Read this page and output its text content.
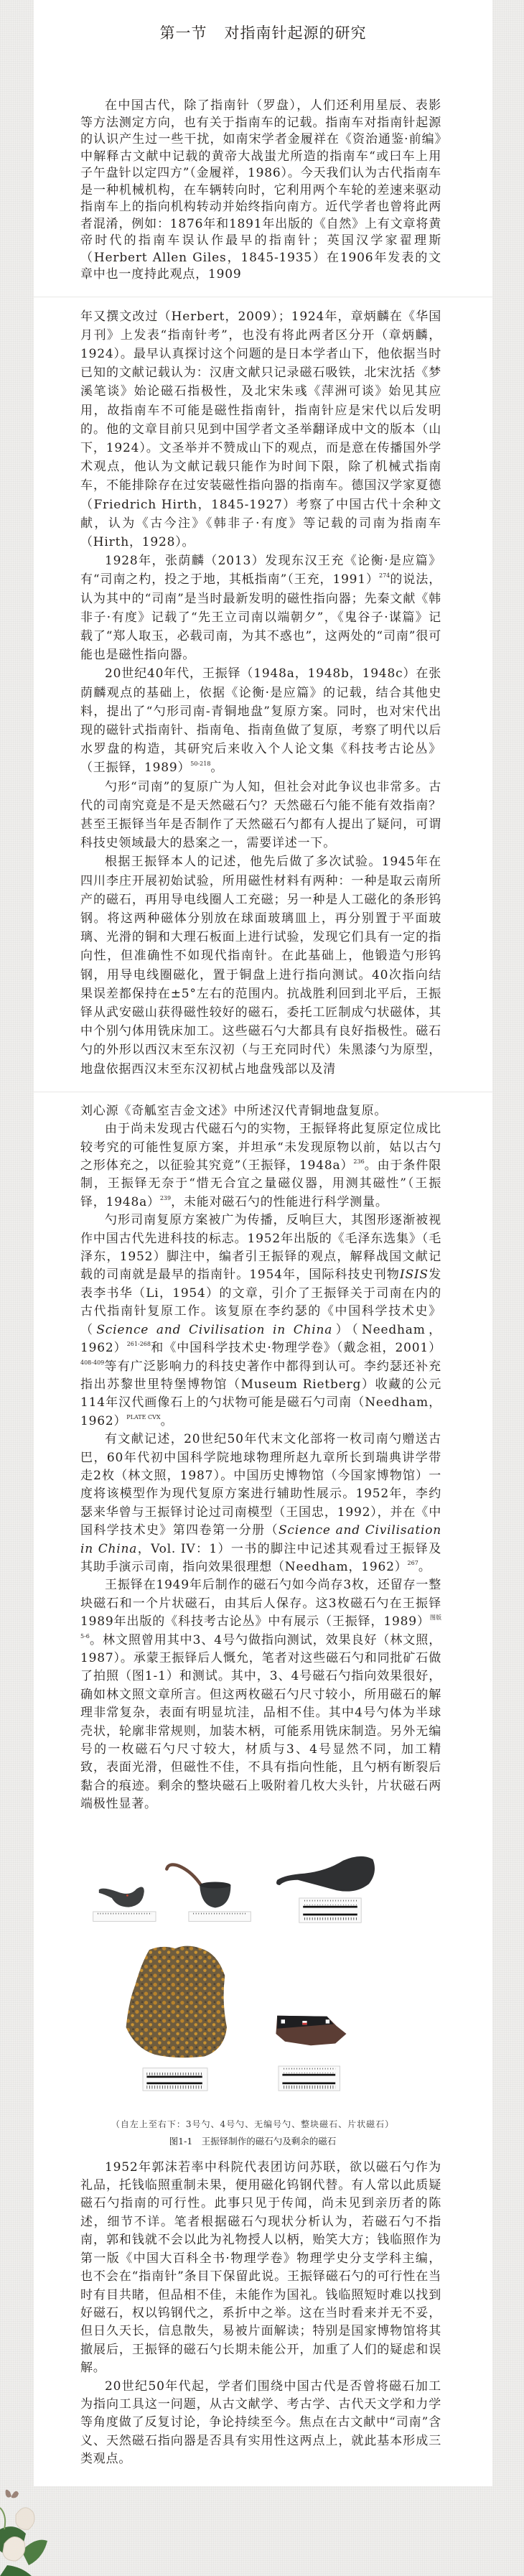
第一节 对指南针起源的研究

在中国古代，除了指南针（罗盘），人们还利用星辰、表影等方法测定方向，也有关于指南车的记载。指南车对指南针起源的认识产生过一些干扰，如南宋学者金履祥在《资治通鉴·前编》中解释古文献中记载的黄帝大战蚩尤所造的指南车“或曰车上用子午盘针以定四方”（金履祥，1986）。今天我们认为古代指南车是一种机械机构，在车辆转向时，它利用两个车轮的差速来驱动指南车上的指向机构转动并始终指向南方。近代学者也曾将此两者混淆，例如：1876年和1891年出版的《自然》上有文章将黄帝时代的指南车误认作最早的指南针；英国汉学家翟理斯（Herbert Allen Giles，1845-1935）在1906年发表的文章中也一度持此观点，1909

年又撰文改过（Herbert，2009）；1924年，章炳麟在《华国月刊》上发表“指南针考”，也没有将此两者区分开（章炳麟，1924）。最早认真探讨这个问题的是日本学者山下，他依据当时已知的文献记载认为：汉唐文献只记录磁石吸铁，北宋沈括《梦溪笔谈》始论磁石指极性，及北宋朱彧《萍洲可谈》始见其应用，故指南车不可能是磁性指南针，指南针应是宋代以后发明的。他的文章目前只见到中国学者文圣举翻译成中文的版本（山下，1924）。文圣举并不赞成山下的观点，而是意在传播国外学术观点，他认为文献记载只能作为时间下限，除了机械式指南车，不能排除存在过安装磁性指向器的指南车。德国汉学家夏德（Friedrich Hirth，1845-1927）考察了中国古代十余种文献，认为《古今注》《韩非子·有度》等记载的司南为指南车（Hirth，1928）。

1928年，张荫麟（2013）发现东汉王充《论衡·是应篇》有“司南之杓，投之于地，其柢指南”（王充，1991）$^{274}$的说法，认为其中的“司南”是当时最新发明的磁性指向器；先秦文献《韩非子·有度》记载了“先王立司南以端朝夕”，《鬼谷子·谋篇》记载了“郑人取玉，必载司南，为其不惑也”，这两处的“司南”很可能也是磁性指向器。

20世纪40年代，王振铎（1948a，1948b，1948c）在张荫麟观点的基础上，依据《论衡·是应篇》的记载，结合其他史料，提出了“勺形司南-青铜地盘”复原方案。同时，也对宋代出现的磁针式指南针、指南龟、指南鱼做了复原，考察了明代以后水罗盘的构造，其研究后来收入个人论文集《科技考古论丛》（王振铎，1989）$^{50-218}$。

勺形“司南”的复原广为人知，但社会对此争议也非常多。古代的司南究竟是不是天然磁石勺？天然磁石勺能不能有效指南？甚至王振铎当年是否制作了天然磁石勺都有人提出了疑问，可谓科技史领域最大的悬案之一，需要详述一下。

根据王振铎本人的记述，他先后做了多次试验。1945年在四川李庄开展初始试验，所用磁性材料有两种：一种是取云南所产的磁石，再用导电线圈人工充磁；另一种是人工磁化的条形钨钢。将这两种磁体分别放在球面玻璃皿上，再分别置于平面玻璃、光滑的铜和大理石板面上进行试验，发现它们具有一定的指向性，但准确性不如现代指南针。在此基础上，他锻造勺形钨钢，用导电线圈磁化，置于铜盘上进行指向测试。40次指向结果误差都保持在±5°左右的范围内。抗战胜利回到北平后，王振铎从武安磁山获得磁性较好的磁石，委托工匠制成勺状磁体，其中个别勺体用铣床加工。这些磁石勺大都具有良好指极性。磁石勺的外形以西汉末至东汉初（与王充同时代）朱黑漆勺为原型，地盘依据西汉末至东汉初栻占地盘残部以及清

刘心源《奇觚室吉金文述》中所述汉代青铜地盘复原。

由于尚未发现古代磁石勺的实物，王振铎将此复原定位成比较考究的可能性复原方案，并坦承“未发现原物以前，姑以古勺之形体充之，以征验其究竟”（王振铎，1948a）$^{236}$。由于条件限制，王振铎无奈于“惜无合宜之量磁仪器，用测其磁性”（王振铎，1948a）$^{239}$，未能对磁石勺的性能进行科学测量。

勺形司南复原方案被广为传播，反响巨大，其图形逐渐被视作中国古代先进科技的标志。1952年出版的《毛泽东选集》（毛泽东，1952）脚注中，编者引王振铎的观点，解释战国文献记载的司南就是最早的指南针。1954年，国际科技史刊物ISIS发表李书华（Li，1954）的文章，引介了王振铎关于司南在内的古代指南针复原工作。该复原在李约瑟的《中国科学技术史》（Science and Civilisation in China）（Needham，1962）$^{261-268}$和《中国科学技术史·物理学卷》（戴念祖，2001）$^{408-409}$等有广泛影响力的科技史著作中都得到认可。李约瑟还补充指出苏黎世里特堡博物馆（Museum Rietberg）收藏的公元114年汉代画像石上的勺状物可能是磁石勺司南（Needham，1962）$^{PLATE CVX}$。

有文献记述，20世纪50年代末文化部将一枚司南勺赠送古巴，60年代初中国科学院地球物理所赵九章所长到瑞典讲学带走2枚（林文照，1987）。中国历史博物馆（今国家博物馆）一度将该模型作为现代复原方案进行辅助性展示。1952年，李约瑟来华曾与王振铎讨论过司南模型（王国忠，1992），并在《中国科学技术史》第四卷第一分册（Science and Civilisation in China，Vol. IV：1）一书的脚注中记述其观看过王振铎及其助手演示司南，指向效果很理想（Needham，1962）$^{267}$。

王振铎在1949年后制作的磁石勺如今尚存3枚，还留存一整块磁石和一个片状磁石，由其后人保存。这3枚磁石勺在王振铎1989年出版的《科技考古论丛》中有展示（王振铎，1989）$^{图版5-6}$。林文照曾用其中3、4号勺做指向测试，效果良好（林文照，1987）。承蒙王振铎后人慨允，笔者对这些磁石勺和同批矿石做了拍照（图1-1）和测试。其中，3、4号磁石勺指向效果很好，确如林文照文章所言。但这两枚磁石勺尺寸较小，所用磁石的解理非常复杂，表面有明显坑洼，品相不佳。其中4号勺体为半球壳状，轮廓非常规则，加装木柄，可能系用铣床制造。另外无编号的一枚磁石勺尺寸较大，材质与3、4号显然不同，加工精致，表面光滑，但磁性不佳，不具有指向性能，且勺柄有断裂后黏合的痕迹。剩余的整块磁石上吸附着几枚大头针，片状磁石两端极性显著。

（自左上至右下：3号勺、4号勺、无编号勺、整块磁石、片状磁石）
图1-1　王振铎制作的磁石勺及剩余的磁石

1952年郭沫若率中科院代表团访问苏联，欲以磁石勺作为礼品，托钱临照重制未果，便用磁化钨钢代替。有人常以此质疑磁石勺指南的可行性。此事只见于传闻，尚未见到亲历者的陈述，细节不详。笔者根据磁石勺现状分析认为，若磁石勺不指南，郭和钱就不会以此为礼物授人以柄，贻笑大方；钱临照作为第一版《中国大百科全书·物理学卷》物理学史分支学科主编，也不会在“指南针”条目下保留此说。王振铎磁石勺的可行性在当时有目共睹，但品相不佳，未能作为国礼。钱临照短时难以找到好磁石，权以钨钢代之，系折中之举。这在当时看来并无不妥，但日久天长，信息散失，易被片面解读；特别是国家博物馆将其撤展后，王振铎的磁石勺长期未能公开，加重了人们的疑虑和误解。

20世纪50年代起，学者们围绕中国古代是否曾将磁石加工为指向工具这一问题，从古文献学、考古学、古代天文学和力学等角度做了反复讨论，争论持续至今。焦点在古文献中“司南”含义、天然磁石指向器是否具有实用性这两点上，就此基本形成三类观点。
